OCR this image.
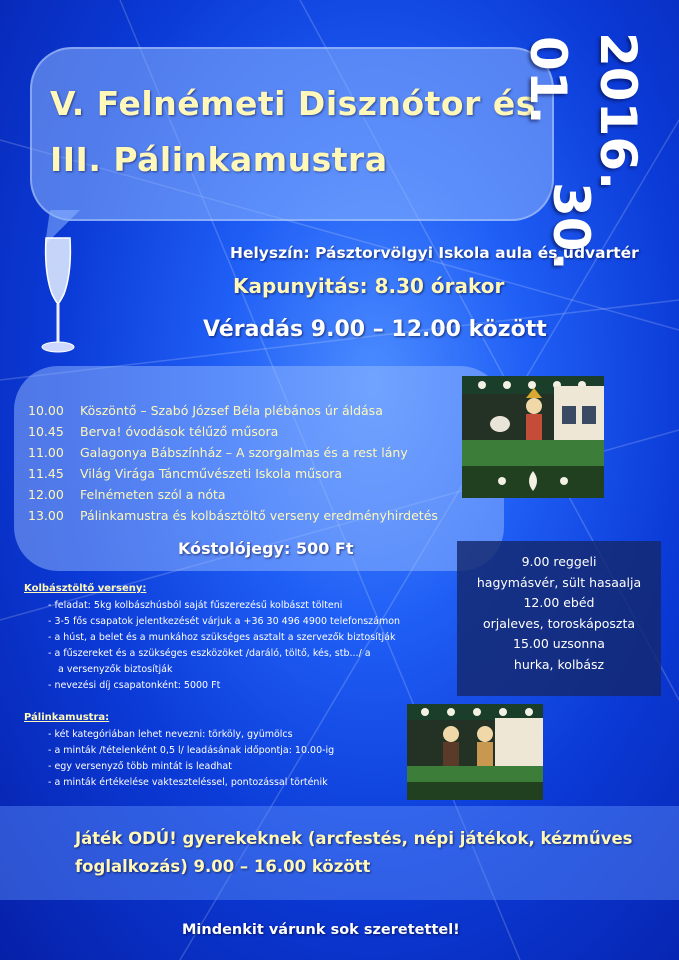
V. Felnémeti Disznótor és
III. Pálinkamustra	2016.
01.
30.
Helyszín: Pásztorvölgyi Iskola aula és udvartér
Kapunyitás: 8.30 órakor
Véradás 9.00 – 12.00 között
10.00 Köszöntő – Szabó József Béla plébános úr áldása
10.45 Berva! óvodások télűző műsora
11.00 Galagonya Bábszínház – A szorgalmas és a rest lány
11.45 Világ Virága Táncművészeti Iskola műsora
12.00 Felnémeten szól a nóta
13.00 Pálinkamustra és kolbásztöltő verseny eredményhirdetés
Kóstolójegy: 500 Ft
9.00 reggeli
hagymásvér, sült hasaalja
12.00 ebéd
orjaleves, toroskáposzta
15.00 uzsonna
hurka, kolbász
Kolbásztöltő verseny:
- feladat: 5kg kolbászhúsból saját fűszerezésű kolbászt tölteni
- 3-5 fős csapatok jelentkezését várjuk a +36 30 496 4900 telefonszámon
- a húst, a belet és a munkához szükséges asztalt a szervezők biztosítják
- a fűszereket és a szükséges eszközöket /daráló, töltő, kés, stb.../ a
a versenyzők biztosítják
- nevezési díj csapatonként: 5000 Ft
Pálinkamustra:
- két kategóriában lehet nevezni: törköly, gyümölcs
- a minták /tételenként 0,5 l/ leadásának időpontja: 10.00-ig
- egy versenyző több mintát is leadhat
- a minták értékelése vakteszteléssel, pontozással történik
Játék ODÚ! gyerekeknek (arcfestés, népi játékok, kézműves
foglalkozás) 9.00 – 16.00 között
Mindenkit várunk sok szeretettel!
